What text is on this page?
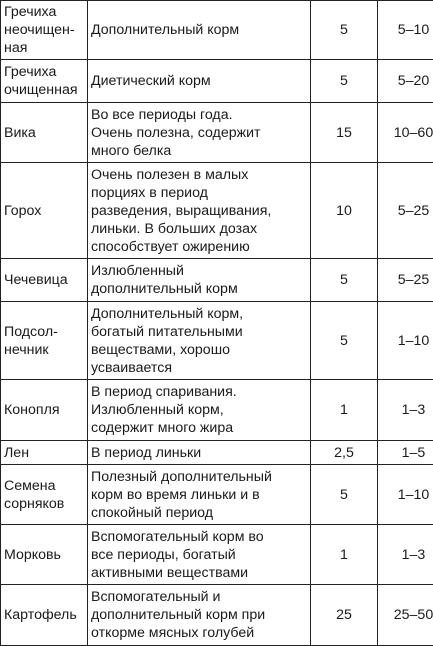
Гречиха
неочищен-
ная	Дополнительный корм	5	5–10
Гречиха
очищенная	Диетический корм	5	5–20
Вика	Во все периоды года.
Очень полезна, содержит
много белка	15	10–60
Горох	Очень полезен в малых
порциях в период
разведения, выращивания,
линьки. В больших дозах
способствует ожирению	10	5–25
Чечевица	Излюбленный
дополнительный корм	5	5–25
Подсол-
нечник	Дополнительный корм,
богатый питательными
веществами, хорошо
усваивается	5	1–10
Конопля	В период спаривания.
Излюбленный корм,
содержит много жира	1	1–3
Лен	В период линьки	2,5	1–5
Семена
сорняков	Полезный дополнительный
корм во время линьки и в
спокойный период	5	1–10
Морковь	Вспомогательный корм во
все периоды, богатый
активными веществами	1	1–3
Картофель	Вспомогательный и
дополнительный корм при
откорме мясных голубей	25	25–50
